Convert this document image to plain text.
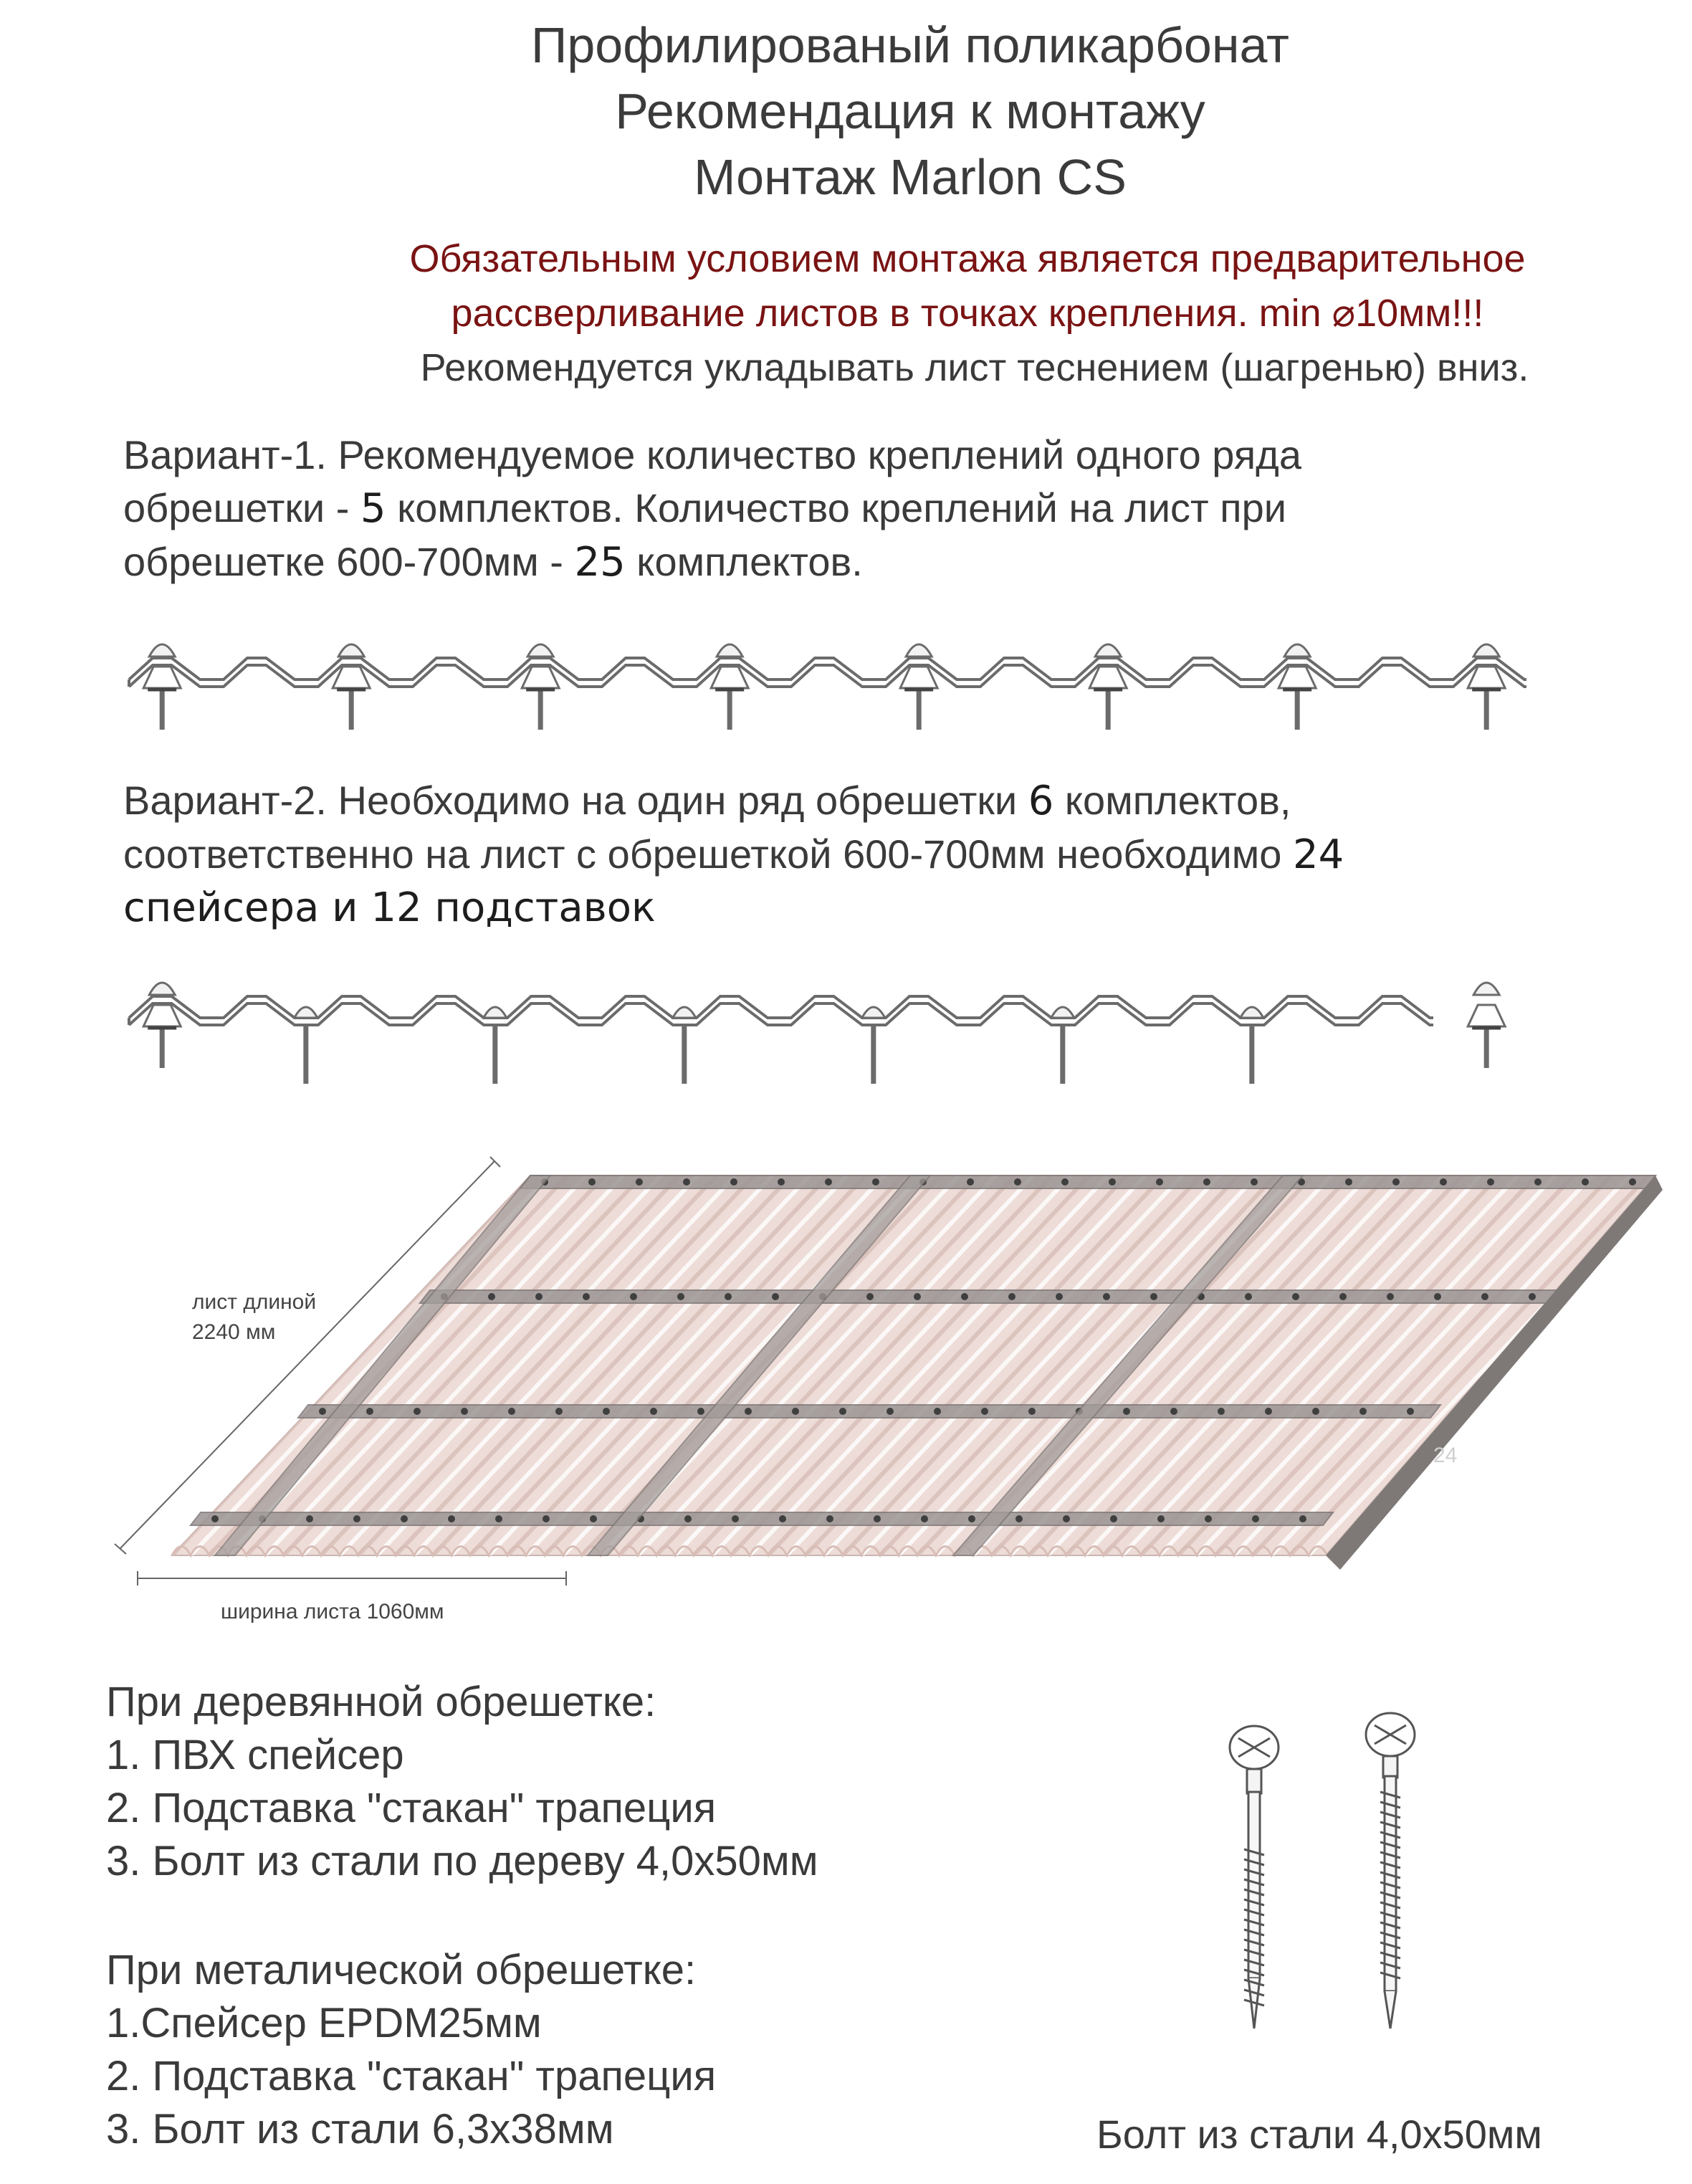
Профилированый поликарбонат
Рекомендация к монтажу
Монтаж Marlon CS
Обязательным условием монтажа является предварительное
рассверливание листов в точках крепления. min ⌀10мм!!!
Рекомендуется укладывать лист теснением (шагренью) вниз.
Вариант-1. Рекомендуемое количество креплений одного ряда
обрешетки - 5 комплектов. Количество креплений на лист при
обрешетке 600-700мм - 25 комплектов.
Вариант-2. Необходимо на один ряд обрешетки 6 комплектов,
соответственно на лист с обрешеткой 600-700мм необходимо 24
спейсера и 12 подставок
24
лист длиной
2240 мм
ширина листа 1060мм
При деревянной обрешетке:
1. ПВХ спейсер
2. Подставка "стакан" трапеция
3. Болт из стали по дереву 4,0х50мм
При металической обрешетке:
1.Спейсер EPDM25мм
2. Подставка "стакан" трапеция
3. Болт из стали 6,3х38мм	Болт из стали 4,0х50мм
